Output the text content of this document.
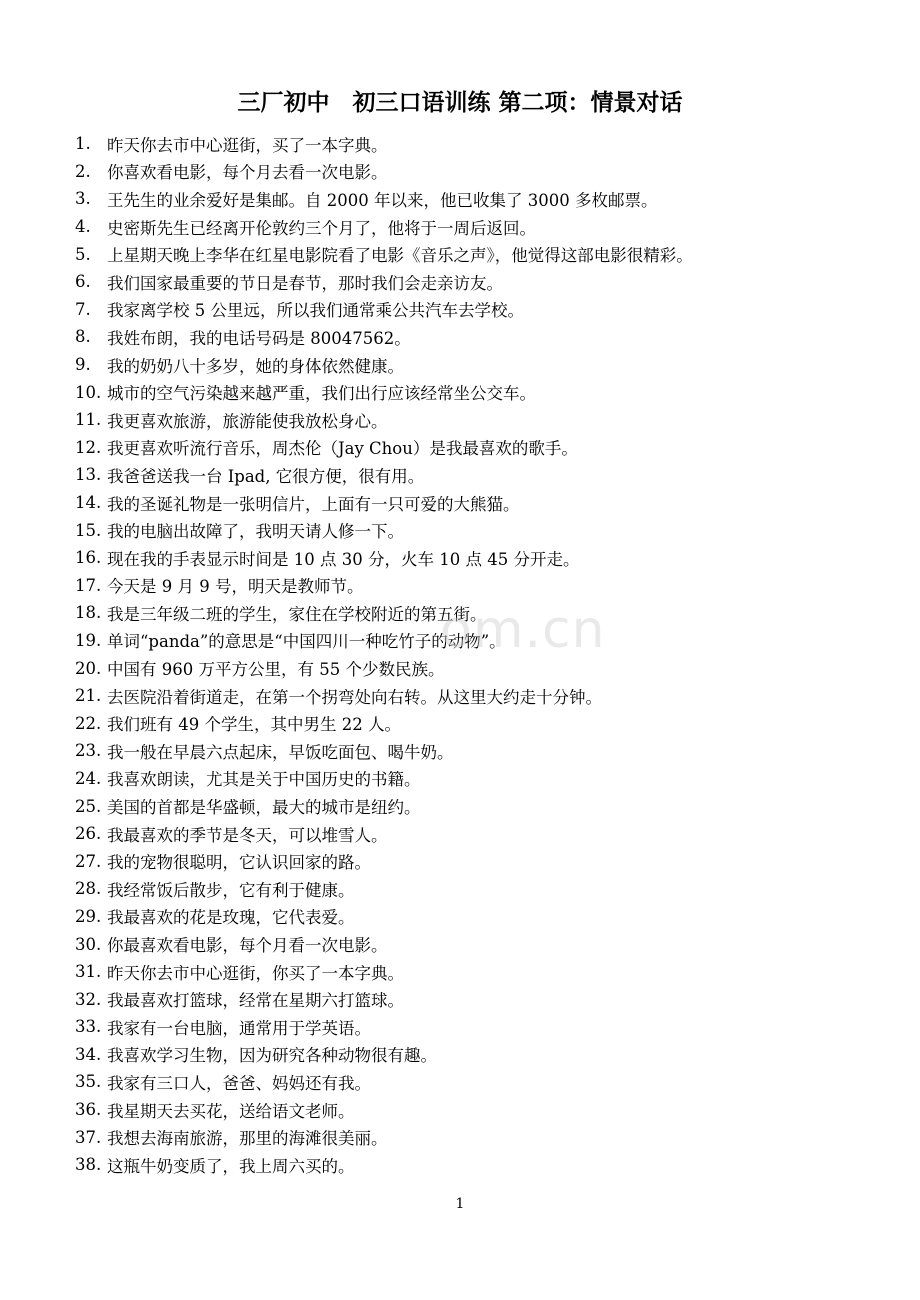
三厂初中　初三口语训练 第二项：情景对话
1. 昨天你去市中心逛街，买了一本字典。
2. 你喜欢看电影，每个月去看一次电影。
3. 王先生的业余爱好是集邮。自 2000 年以来，他已收集了 3000 多枚邮票。
4. 史密斯先生已经离开伦敦约三个月了，他将于一周后返回。
5. 上星期天晚上李华在红星电影院看了电影《音乐之声》，他觉得这部电影很精彩。
6. 我们国家最重要的节日是春节，那时我们会走亲访友。
7. 我家离学校 5 公里远，所以我们通常乘公共汽车去学校。
8. 我姓布朗，我的电话号码是 80047562。
9. 我的奶奶八十多岁，她的身体依然健康。
10. 城市的空气污染越来越严重，我们出行应该经常坐公交车。
11. 我更喜欢旅游，旅游能使我放松身心。
12. 我更喜欢听流行音乐，周杰伦（Jay Chou）是我最喜欢的歌手。
13. 我爸爸送我一台 Ipad, 它很方便，很有用。
14. 我的圣诞礼物是一张明信片，上面有一只可爱的大熊猫。
15. 我的电脑出故障了，我明天请人修一下。
16. 现在我的手表显示时间是 10 点 30 分，火车 10 点 45 分开走。
17. 今天是 9 月 9 号，明天是教师节。
18. 我是三年级二班的学生，家住在学校附近的第五街。
19. 单词“panda”的意思是“中国四川一种吃竹子的动物”。
20. 中国有 960 万平方公里，有 55 个少数民族。
21. 去医院沿着街道走，在第一个拐弯处向右转。从这里大约走十分钟。
22. 我们班有 49 个学生，其中男生 22 人。
23. 我一般在早晨六点起床，早饭吃面包、喝牛奶。
24. 我喜欢朗读，尤其是关于中国历史的书籍。
25. 美国的首都是华盛顿，最大的城市是纽约。
26. 我最喜欢的季节是冬天，可以堆雪人。
27. 我的宠物很聪明，它认识回家的路。
28. 我经常饭后散步，它有利于健康。
29. 我最喜欢的花是玫瑰，它代表爱。
30. 你最喜欢看电影，每个月看一次电影。
31. 昨天你去市中心逛街，你买了一本字典。
32. 我最喜欢打篮球，经常在星期六打篮球。
33. 我家有一台电脑，通常用于学英语。
34. 我喜欢学习生物，因为研究各种动物很有趣。
35. 我家有三口人，爸爸、妈妈还有我。
36. 我星期天去买花，送给语文老师。
37. 我想去海南旅游，那里的海滩很美丽。
38. 这瓶牛奶变质了，我上周六买的。
om.cn
1
